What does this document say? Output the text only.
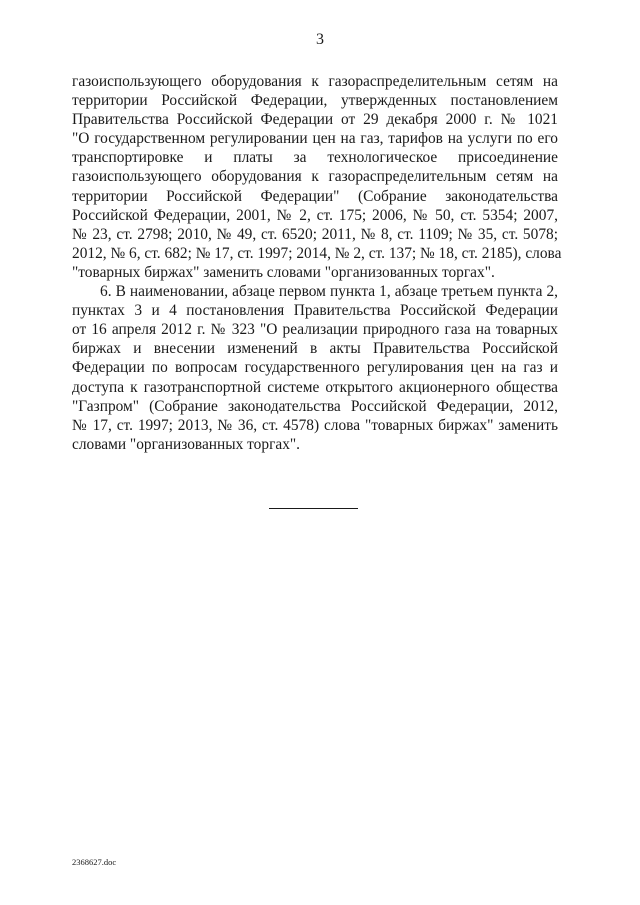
3
газоиспользующего оборудования к газораспределительным сетям на
территории Российской Федерации, утвержденных постановлением
Правительства Российской Федерации от 29 декабря 2000 г. № 1021
"О государственном регулировании цен на газ, тарифов на услуги по его
транспортировке и платы за технологическое присоединение
газоиспользующего оборудования к газораспределительным сетям на
территории Российской Федерации" (Собрание законодательства
Российской Федерации, 2001, № 2, ст. 175; 2006, № 50, ст. 5354; 2007,
№ 23, ст. 2798; 2010, № 49, ст. 6520; 2011, № 8, ст. 1109; № 35, ст. 5078;
2012, № 6, ст. 682; № 17, ст. 1997; 2014, № 2, ст. 137; № 18, ст. 2185), слова
"товарных биржах" заменить словами "организованных торгах".
6. В наименовании, абзаце первом пункта 1, абзаце третьем пункта 2,
пунктах 3 и 4 постановления Правительства Российской Федерации
от 16 апреля 2012 г. № 323 "О реализации природного газа на товарных
биржах и внесении изменений в акты Правительства Российской
Федерации по вопросам государственного регулирования цен на газ и
доступа к газотранспортной системе открытого акционерного общества
"Газпром" (Собрание законодательства Российской Федерации, 2012,
№ 17, ст. 1997; 2013, № 36, ст. 4578) слова "товарных биржах" заменить
словами "организованных торгах".
2368627.doc
